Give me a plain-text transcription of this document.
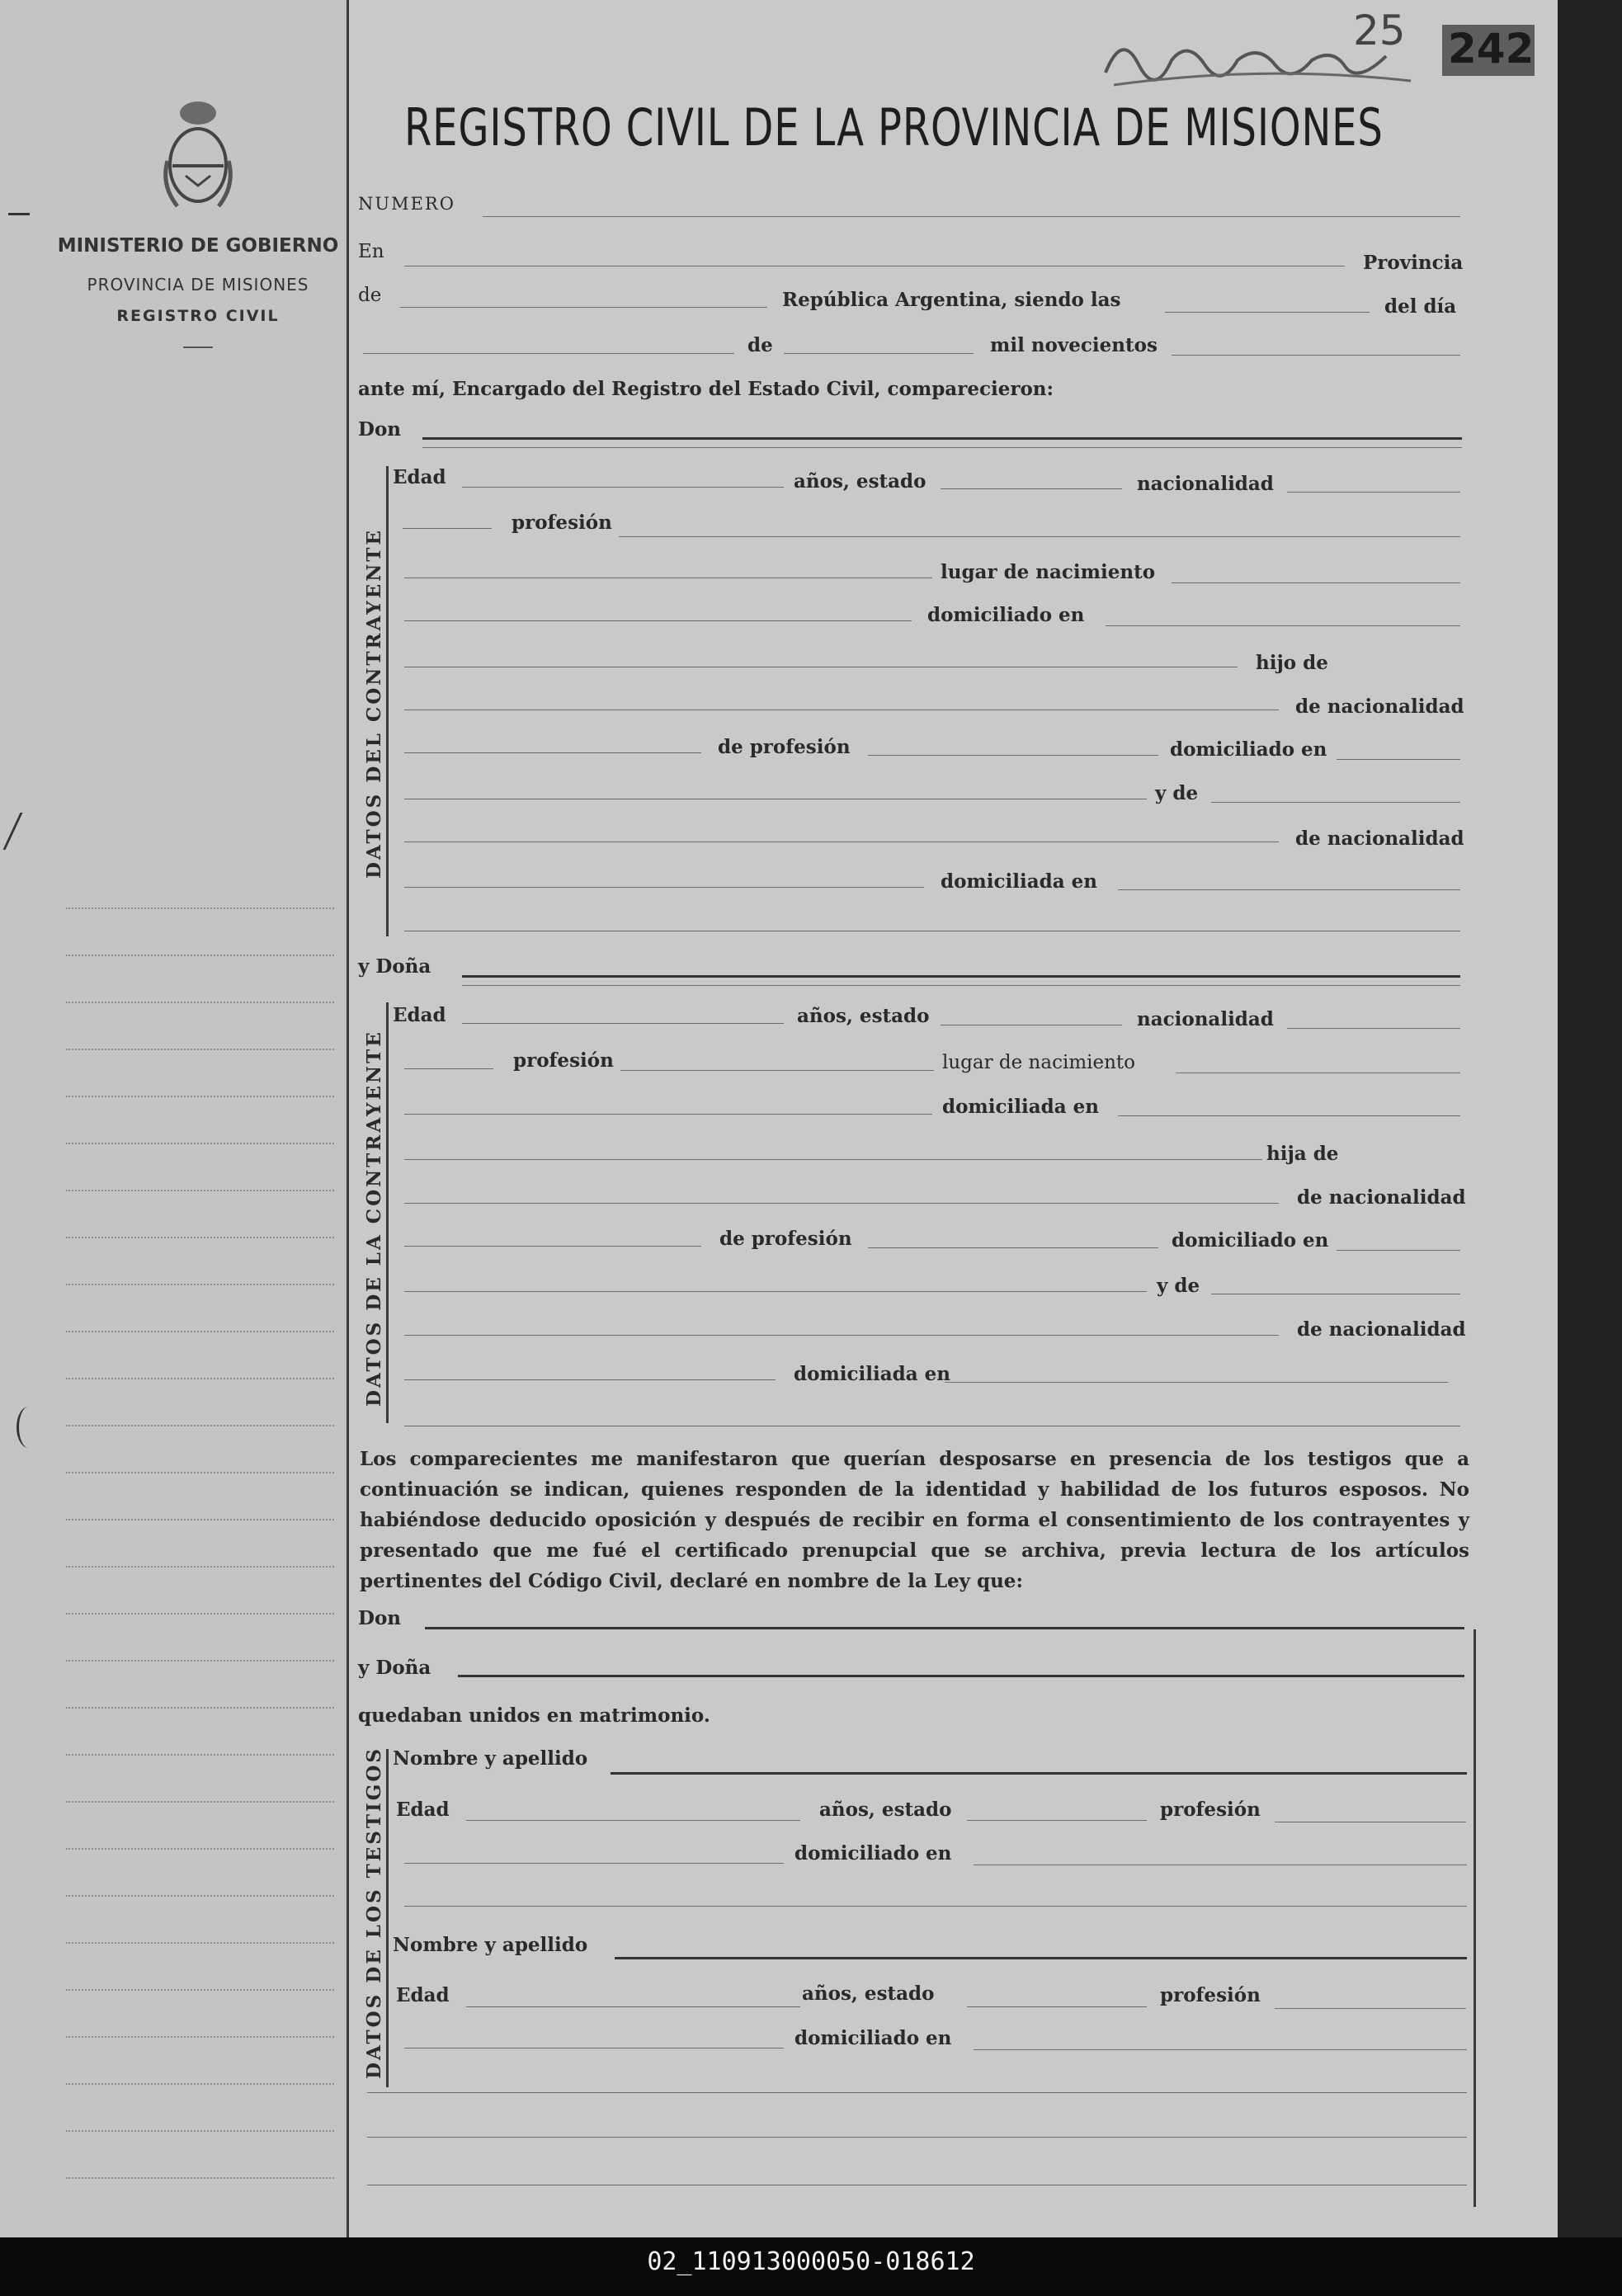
MINISTERIO DE GOBIERNO
PROVINCIA DE MISIONES
REGISTRO CIVIL
REGISTRO CIVIL DE LA PROVINCIA DE MISIONES
25 242
DATOS DEL CONTRAYENTE
DATOS DE LA CONTRAYENTE
DATOS DE LOS TESTIGOS
NUMERO
En	Provincia
de	República Argentina, siendo las	del día
de	mil novecientos
ante mí, Encargado del Registro del Estado Civil, comparecieron:
Don
Edad	años, estado	nacionalidad
profesión
lugar de nacimiento
domiciliado en
hijo de
de nacionalidad
de profesión	domiciliado en
y de
de nacionalidad
domiciliada en
y Doña
Edad	años, estado	nacionalidad
profesión	lugar de nacimiento
domiciliada en
hija de
de nacionalidad
de profesión	domiciliado en
y de
de nacionalidad
domiciliada en
Los comparecientes me manifestaron que querían desposarse en presencia de los testigos que a continuación se indican, quienes responden de la identidad y habilidad de los futuros esposos. No habiéndose deducido oposición y después de recibir en forma el consentimiento de los contrayentes y presentado que me fué el certificado prenupcial que se archiva, previa lectura de los artículos pertinentes del Código Civil, declaré en nombre de la Ley que:
Don
y Doña
quedaban unidos en matrimonio.
Nombre y apellido
Edad	años, estado	profesión
domiciliado en
Nombre y apellido
Edad	años, estado	profesión
domiciliado en
02_110913000050-018612
